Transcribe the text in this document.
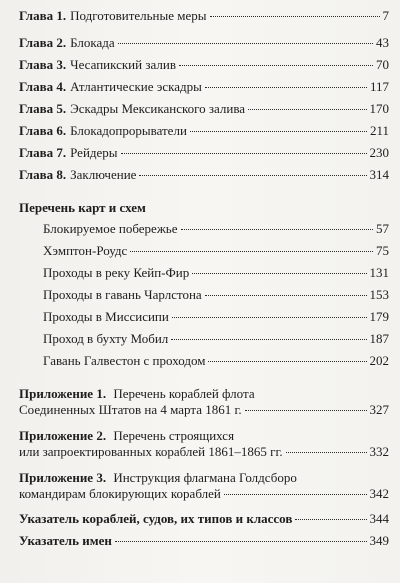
Глава 1. Подготовительные меры	7
Глава 2. Блокада	43
Глава 3. Чесапикский залив	70
Глава 4. Атлантические эскадры	117
Глава 5. Эскадры Мексиканского залива	170
Глава 6. Блокадопрорыватели	211
Глава 7. Рейдеры	230
Глава 8. Заключение	314
Перечень карт и схем
Блокируемое побережье	57
Хэмптон-Роудс	75
Проходы в реку Кейп-Фир	131
Проходы в гавань Чарлстона	153
Проходы в Миссисипи	179
Проход в бухту Мобил	187
Гавань Галвестон с проходом	202
Приложение 1. Перечень кораблей флота
Соединенных Штатов на 4 марта 1861 г.	327
Приложение 2. Перечень строящихся
или запроектированных кораблей 1861–1865 гг.	332
Приложение 3. Инструкция флагмана Голдсборо
командирам блокирующих кораблей	342
Указатель кораблей, судов, их типов и классов	344
Указатель имен	349
